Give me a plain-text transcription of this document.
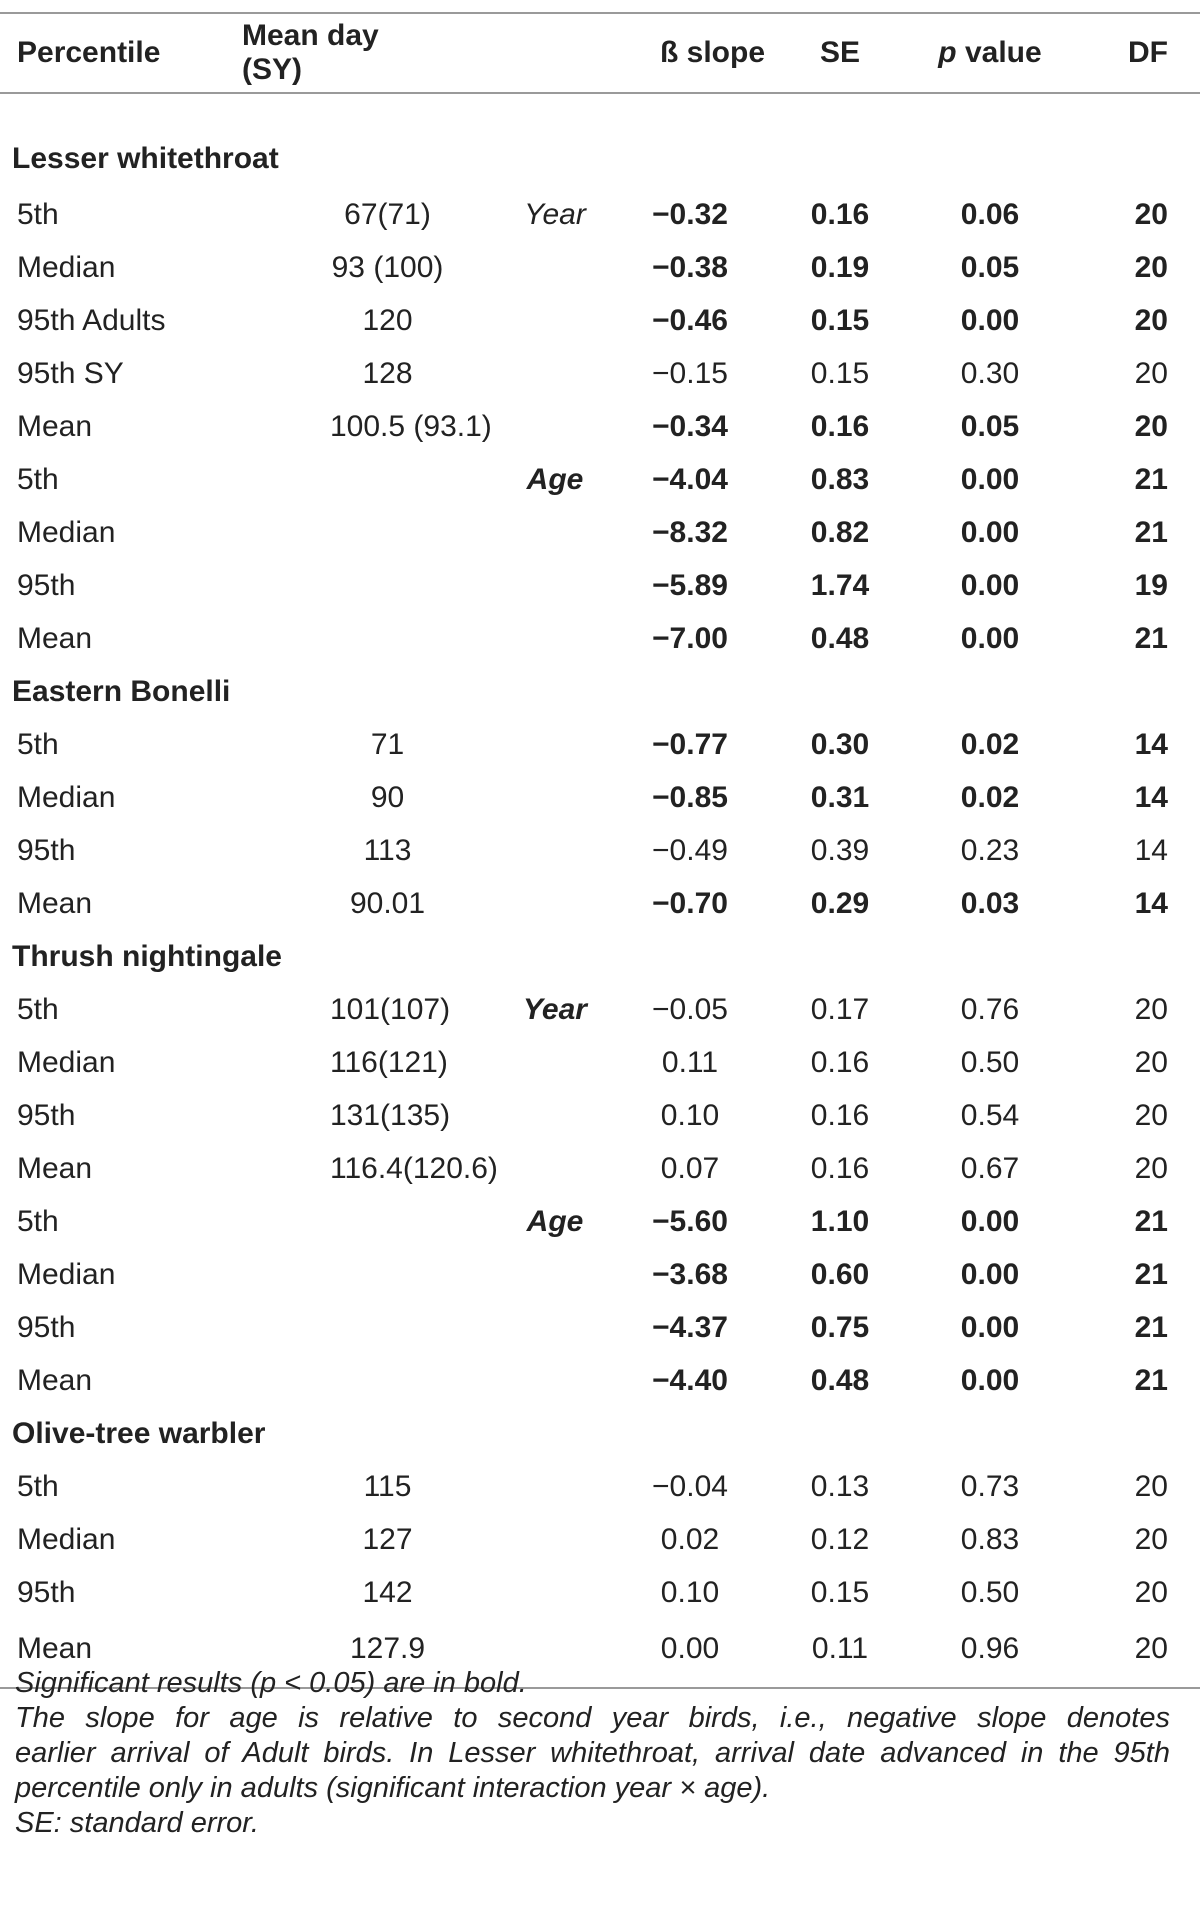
Percentile	Mean day (SY)		ß slope	SE	p value	DF
Lesser whitethroat						
5th	67(71)	Year	−0.32	0.16	0.06	20
Median	93 (100)		−0.38	0.19	0.05	20
95th Adults	120		−0.46	0.15	0.00	20
95th SY	128		−0.15	0.15	0.30	20
Mean	100.5 (93.1)		−0.34	0.16	0.05	20
5th		Age	−4.04	0.83	0.00	21
Median			−8.32	0.82	0.00	21
95th			−5.89	1.74	0.00	19
Mean			−7.00	0.48	0.00	21
Eastern Bonelli						
5th	71		−0.77	0.30	0.02	14
Median	90		−0.85	0.31	0.02	14
95th	113		−0.49	0.39	0.23	14
Mean	90.01		−0.70	0.29	0.03	14
Thrush nightingale						
5th	101(107)	Year	−0.05	0.17	0.76	20
Median	116(121)		0.11	0.16	0.50	20
95th	131(135)		0.10	0.16	0.54	20
Mean	116.4(120.6)		0.07	0.16	0.67	20
5th		Age	−5.60	1.10	0.00	21
Median			−3.68	0.60	0.00	21
95th			−4.37	0.75	0.00	21
Mean			−4.40	0.48	0.00	21
Olive-tree warbler						
5th	115		−0.04	0.13	0.73	20
Median	127		0.02	0.12	0.83	20
95th	142		0.10	0.15	0.50	20
Mean	127.9		0.00	0.11	0.96	20

Significant results (p < 0.05) are in bold.

The slope for age is relative to second year birds, i.e., negative slope denotes

earlier arrival of Adult birds. In Lesser whitethroat, arrival date advanced in the 95th

percentile only in adults (significant interaction year × age).

SE: standard error.
